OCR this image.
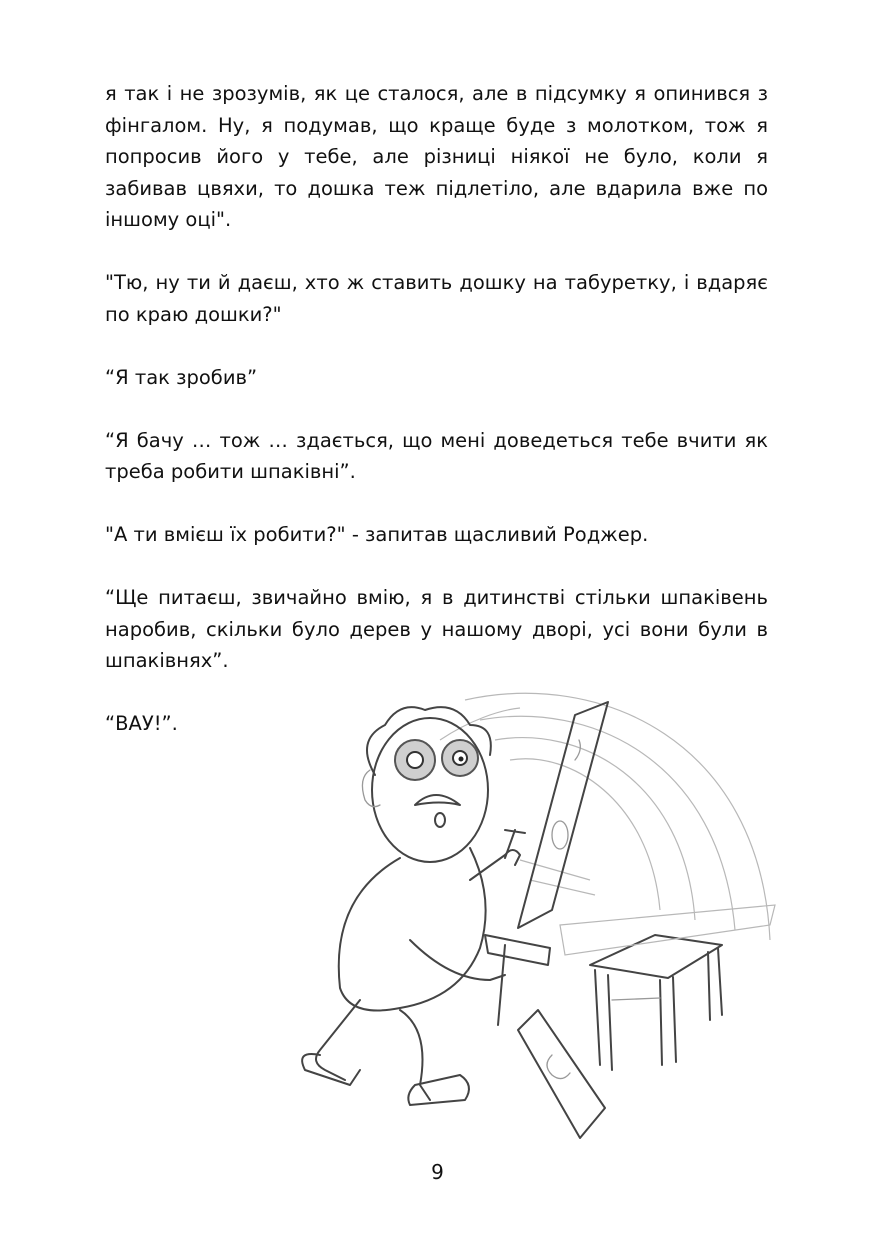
я так і не зрозумів, як це сталося, але в підсумку я опинився з фінгалом. Ну, я подумав, що краще буде з молотком, тож я попросив його у тебе, але різниці ніякої не було, коли я забивав цвяхи, то дошка теж підлетіло, але вдарила вже по іншому оці".

"Тю, ну ти й даєш, хто ж ставить дошку на табуретку, і вдаряє по краю дошки?"

“Я так зробив”

“Я бачу … тож … здається, що мені доведеться тебе вчити як треба робити шпаківні”.

"А ти вмієш їх робити?" - запитав щасливий Роджер.

“Ще питаєш, звичайно вмію, я в дитинстві стільки шпаківень наробив, скільки було дерев у нашому дворі, усі вони були в шпаківнях”.

“ВАУ!”.

9
